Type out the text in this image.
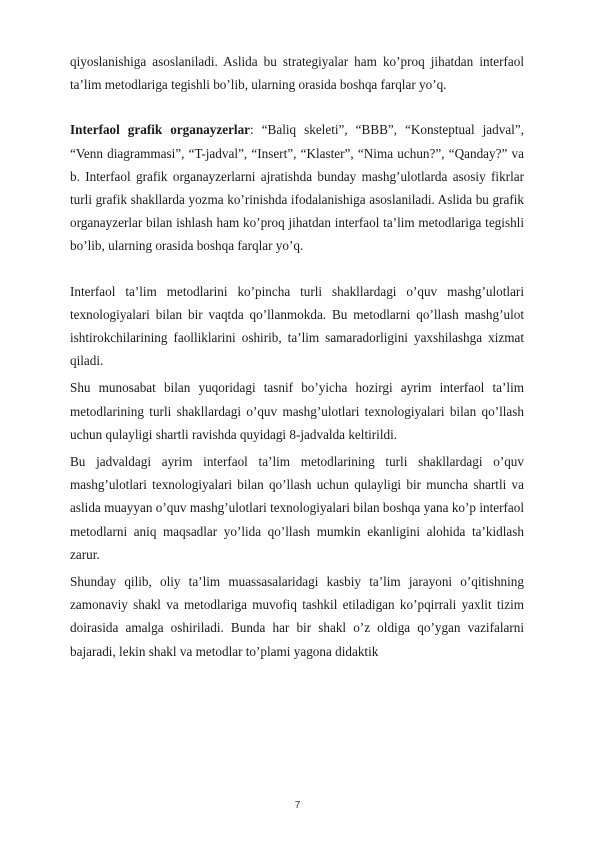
qiyoslanishiga asoslaniladi. Aslida bu strategiyalar ham ko’proq jihatdan interfaol ta’lim metodlariga tegishli bo’lib, ularning orasida boshqa farqlar yo’q.

Interfaol grafik organayzerlar: “Baliq skeleti”, “BBB”, “Konsteptual jadval”, “Venn diagrammasi”, “T-jadval”, “Insert”, “Klaster”, “Nima uchun?”, “Qanday?” va b. Interfaol grafik organayzerlarni ajratishda bunday mashg’ulotlarda asosiy fikrlar turli grafik shakllarda yozma ko’rinishda ifodalanishiga asoslaniladi. Aslida bu grafik organayzerlar bilan ishlash ham ko’proq jihatdan interfaol ta’lim metodlariga tegishli bo’lib, ularning orasida boshqa farqlar yo’q.

Interfaol ta’lim metodlarini ko’pincha turli shakllardagi o’quv mashg’ulotlari texnologiyalari bilan bir vaqtda qo’llanmokda. Bu metodlarni qo’llash mashg’ulot ishtirokchilarining faolliklarini oshirib, ta’lim samaradorligini yaxshilashga xizmat qiladi.

Shu munosabat bilan yuqoridagi tasnif bo’yicha hozirgi ayrim interfaol ta’lim metodlarining turli shakllardagi o’quv mashg’ulotlari texnologiyalari bilan qo’llash uchun qulayligi shartli ravishda quyidagi 8-jadvalda keltirildi.

Bu jadvaldagi ayrim interfaol ta’lim metodlarining turli shakllardagi o’quv mashg’ulotlari texnologiyalari bilan qo’llash uchun qulayligi bir muncha shartli va aslida muayyan o’quv mashg’ulotlari texnologiyalari bilan boshqa yana ko’p interfaol metodlarni aniq maqsadlar yo’lida qo’llash mumkin ekanligini alohida ta’kidlash zarur.

Shunday qilib, oliy ta’lim muassasalaridagi kasbiy ta’lim jarayoni o’qitishning zamonaviy shakl va metodlariga muvofiq tashkil etiladigan ko’pqirrali yaxlit tizim doirasida amalga oshiriladi. Bunda har bir shakl o’z oldiga qo’ygan vazifalarni bajaradi, lekin shakl va metodlar to’plami yagona didaktik

7
